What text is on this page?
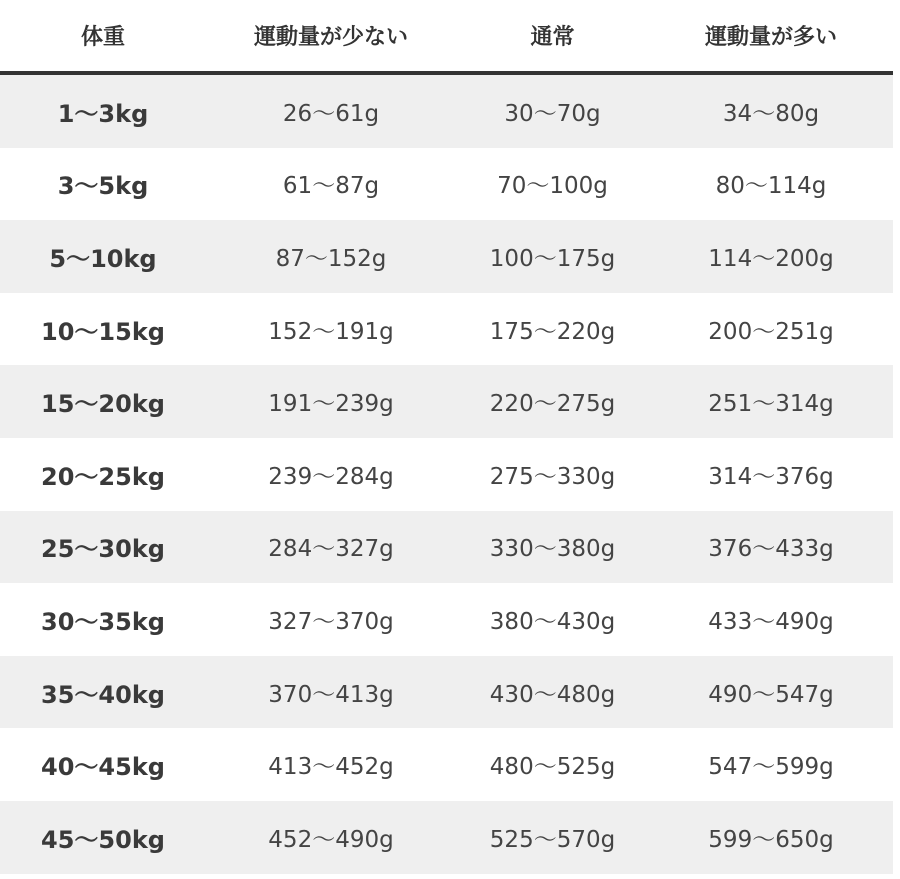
体重	運動量が少ない	通常	運動量が多い
1〜3kg	26〜61g	30〜70g	34〜80g
3〜5kg	61〜87g	70〜100g	80〜114g
5〜10kg	87〜152g	100〜175g	114〜200g
10〜15kg	152〜191g	175〜220g	200〜251g
15〜20kg	191〜239g	220〜275g	251〜314g
20〜25kg	239〜284g	275〜330g	314〜376g
25〜30kg	284〜327g	330〜380g	376〜433g
30〜35kg	327〜370g	380〜430g	433〜490g
35〜40kg	370〜413g	430〜480g	490〜547g
40〜45kg	413〜452g	480〜525g	547〜599g
45〜50kg	452〜490g	525〜570g	599〜650g
